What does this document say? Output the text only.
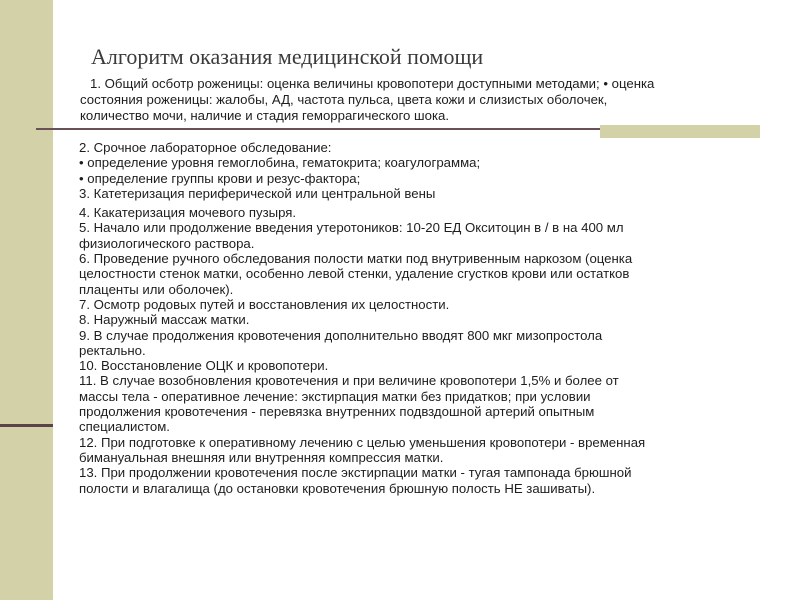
Алгоритм оказания медицинской помощи
1. Общий осботр роженицы: оценка величины кровопотери доступными методами; • оценка
состояния роженицы: жалобы, АД, частота пульса, цвета кожи и слизистых оболочек,
количество мочи, наличие и стадия геморрагического шока.
2. Срочное лабораторное обследование:
• определение уровня гемоглобина, гематокрита; коагулограмма;
• определение группы крови и резус-фактора;
3. Катетеризация периферической или центральной вены
4. Какатеризация мочевого пузыря.
5. Начало или продолжение введения утеротоников: 10-20 ЕД Окситоцин в / в на 400 мл
физиологического раствора.
6. Проведение ручного обследования полости матки под внутривенным наркозом (оценка
целостности стенок матки, особенно левой стенки, удаление сгустков крови или остатков
плаценты или оболочек).
7. Осмотр родовых путей и восстановления их целостности.
8. Наружный массаж матки.
9. В случае продолжения кровотечения дополнительно вводят 800 мкг мизопростола
ректально.
10. Восстановление ОЦК и кровопотери.
11. В случае возобновления кровотечения и при величине кровопотери 1,5% и более от
массы тела - оперативное лечение: экстирпация матки без придатков; при условии
продолжения кровотечения - перевязка внутренних подвздошной артерий опытным
специалистом.
12. При подготовке к оперативному лечению с целью уменьшения кровопотери - временная
бимануальная внешняя или внутренняя компрессия матки.
13. При продолжении кровотечения после экстирпации матки - тугая тампонада брюшной
полости и влагалища (до остановки кровотечения брюшную полость НЕ зашиваты).
